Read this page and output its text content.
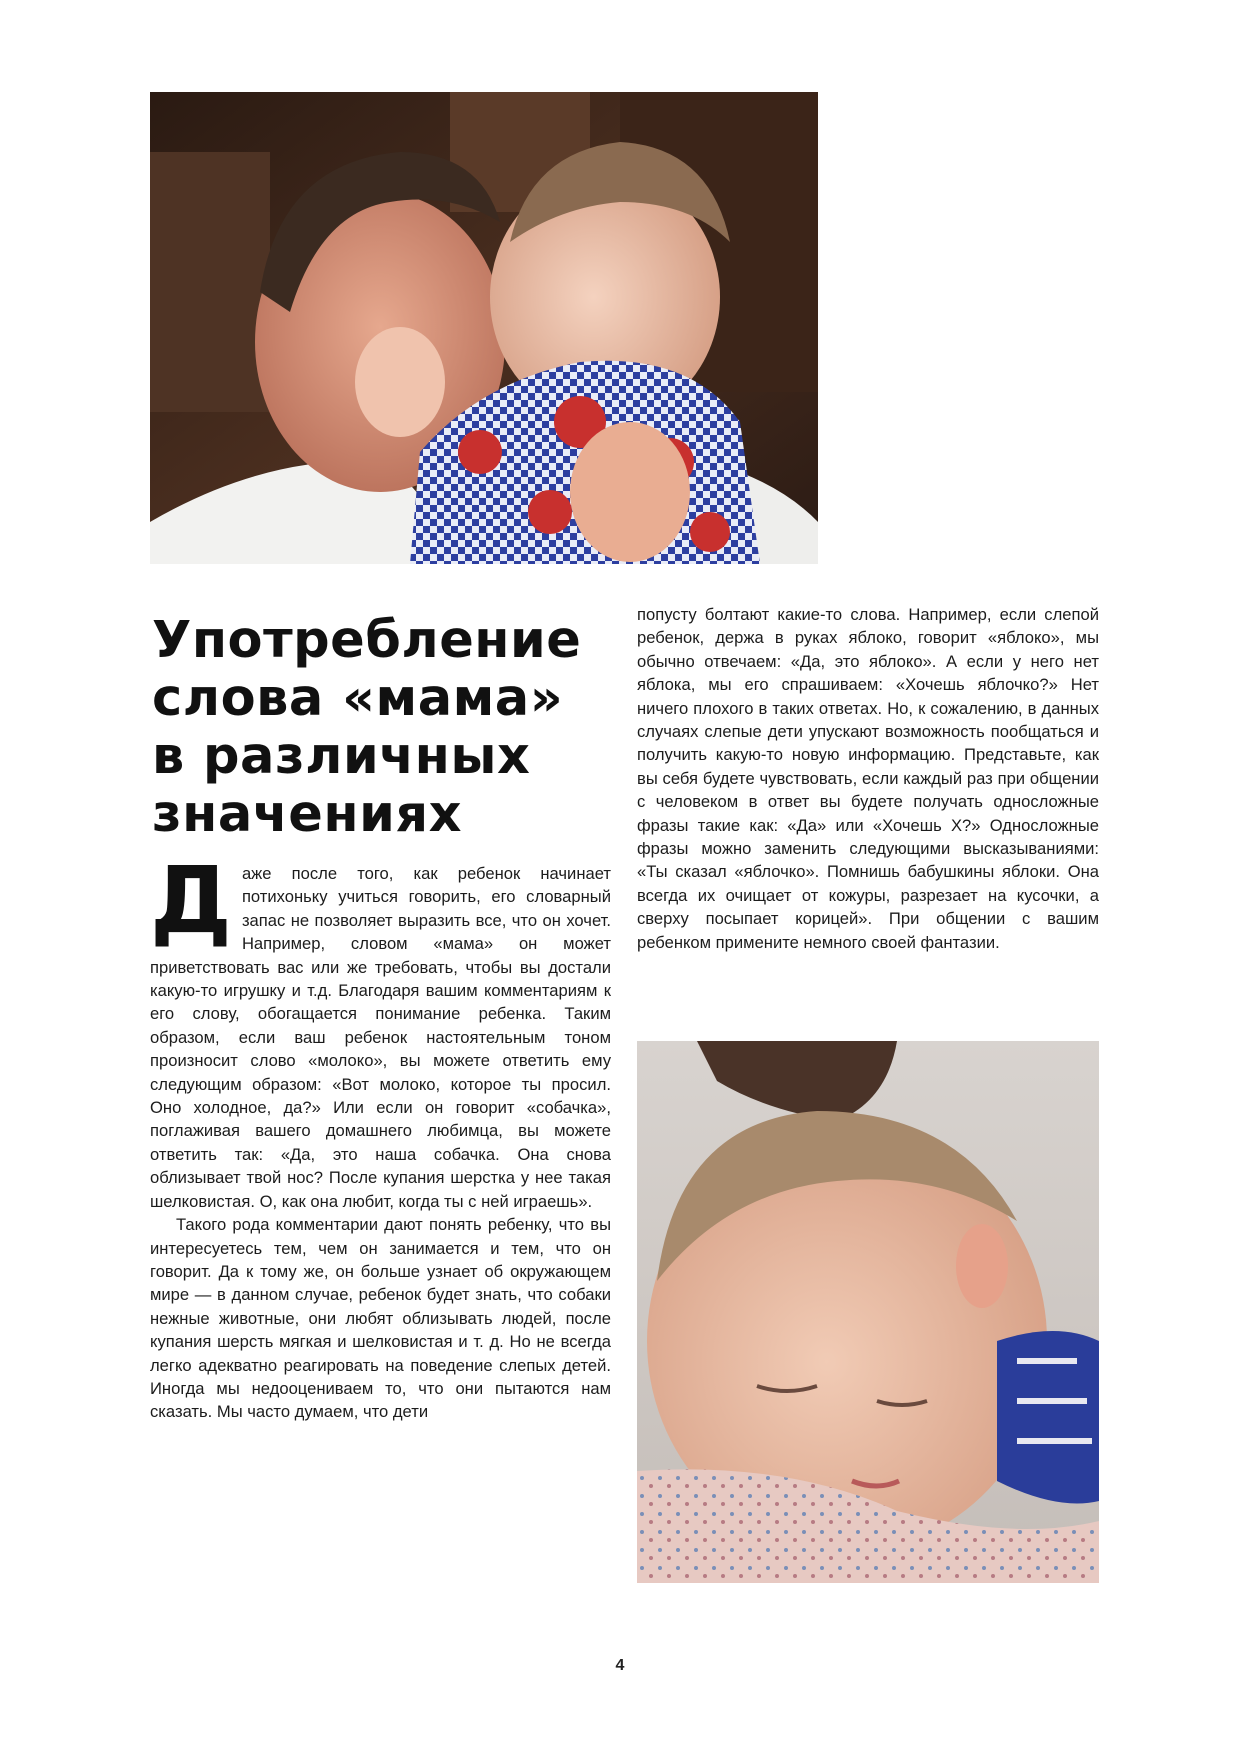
Употребление
слова «мама»
в различных
значениях

Даже после того, как ребенок начинает потихоньку учиться говорить, его словарный запас не позволяет выразить все, что он хочет. Например, словом «мама» он может приветствовать вас или же требовать, чтобы вы достали какую-то игрушку и т.д. Благодаря вашим комментариям к его слову, обогащается понимание ребенка. Таким образом, если ваш ребенок настоятельным тоном произносит слово «молоко», вы можете ответить ему следующим образом: «Вот молоко, которое ты просил. Оно холодное, да?» Или если он говорит «собачка», поглаживая вашего домашнего любимца, вы можете ответить так: «Да, это наша собачка. Она снова облизывает твой нос? После купания шерстка у нее такая шелковистая. О, как она любит, когда ты с ней играешь».

Такого рода комментарии дают понять ребенку, что вы интересуетесь тем, чем он занимается и тем, что он говорит. Да к тому же, он больше узнает об окружающем мире — в данном случае, ребенок будет знать, что собаки нежные животные, они любят облизывать людей, после купания шерсть мягкая и шелковистая и т. д. Но не всегда легко адекватно реагировать на поведение слепых детей. Иногда мы недооцениваем то, что они пытаются нам сказать. Мы часто думаем, что дети

попусту болтают какие-то слова. Например, если слепой ребенок, держа в руках яблоко, говорит «яблоко», мы обычно отвечаем: «Да, это яблоко». А если у него нет яблока, мы его спрашиваем: «Хочешь яблочко?» Нет ничего плохого в таких ответах. Но, к сожалению, в данных случаях слепые дети упускают возможность пообщаться и получить какую-то новую информацию. Представьте, как вы себя будете чувствовать, если каждый раз при общении с человеком в ответ вы будете получать односложные фразы такие как: «Да» или «Хочешь Х?» Односложные фразы можно заменить следующими высказываниями: «Ты сказал «яблочко». Помнишь бабушкины яблоки. Она всегда их очищает от кожуры, разрезает на кусочки, а сверху посыпает корицей». При общении с вашим ребенком примените немного своей фантазии.

4
